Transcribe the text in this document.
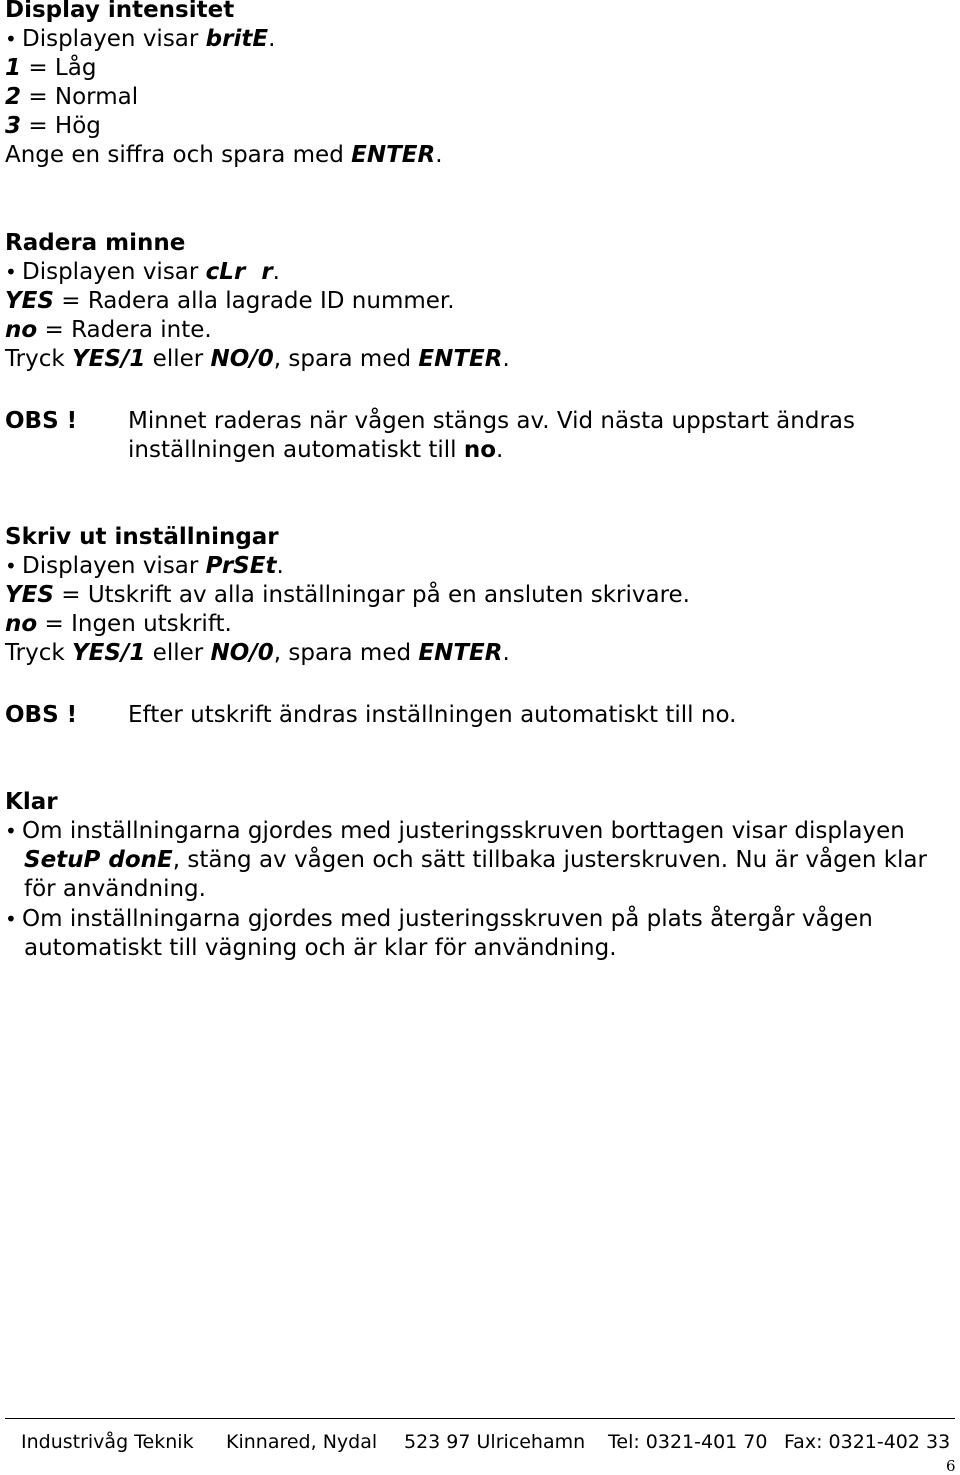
Display intensitet
• Displayen visar britE.
1 = Låg
2 = Normal
3 = Hög
Ange en siffra och spara med ENTER.
Radera minne
• Displayen visar cLr  r.
YES = Radera alla lagrade ID nummer.
no = Radera inte.
Tryck YES/1 eller NO/0, spara med ENTER.
OBS ! Minnet raderas när vågen stängs av. Vid nästa uppstart ändras
inställningen automatiskt till no.
Skriv ut inställningar
• Displayen visar PrSEt.
YES = Utskrift av alla inställningar på en ansluten skrivare.
no = Ingen utskrift.
Tryck YES/1 eller NO/0, spara med ENTER.
OBS ! Efter utskrift ändras inställningen automatiskt till no.
Klar
• Om inställningarna gjordes med justeringsskruven borttagen visar displayen
SetuP donE, stäng av vågen och sätt tillbaka justerskruven. Nu är vågen klar
för användning.
• Om inställningarna gjordes med justeringsskruven på plats återgår vågen
automatiskt till vägning och är klar för användning.
Industrivåg Teknik Kinnared, Nydal 523 97 Ulricehamn Tel: 0321-401 70 Fax: 0321-402 33
6
